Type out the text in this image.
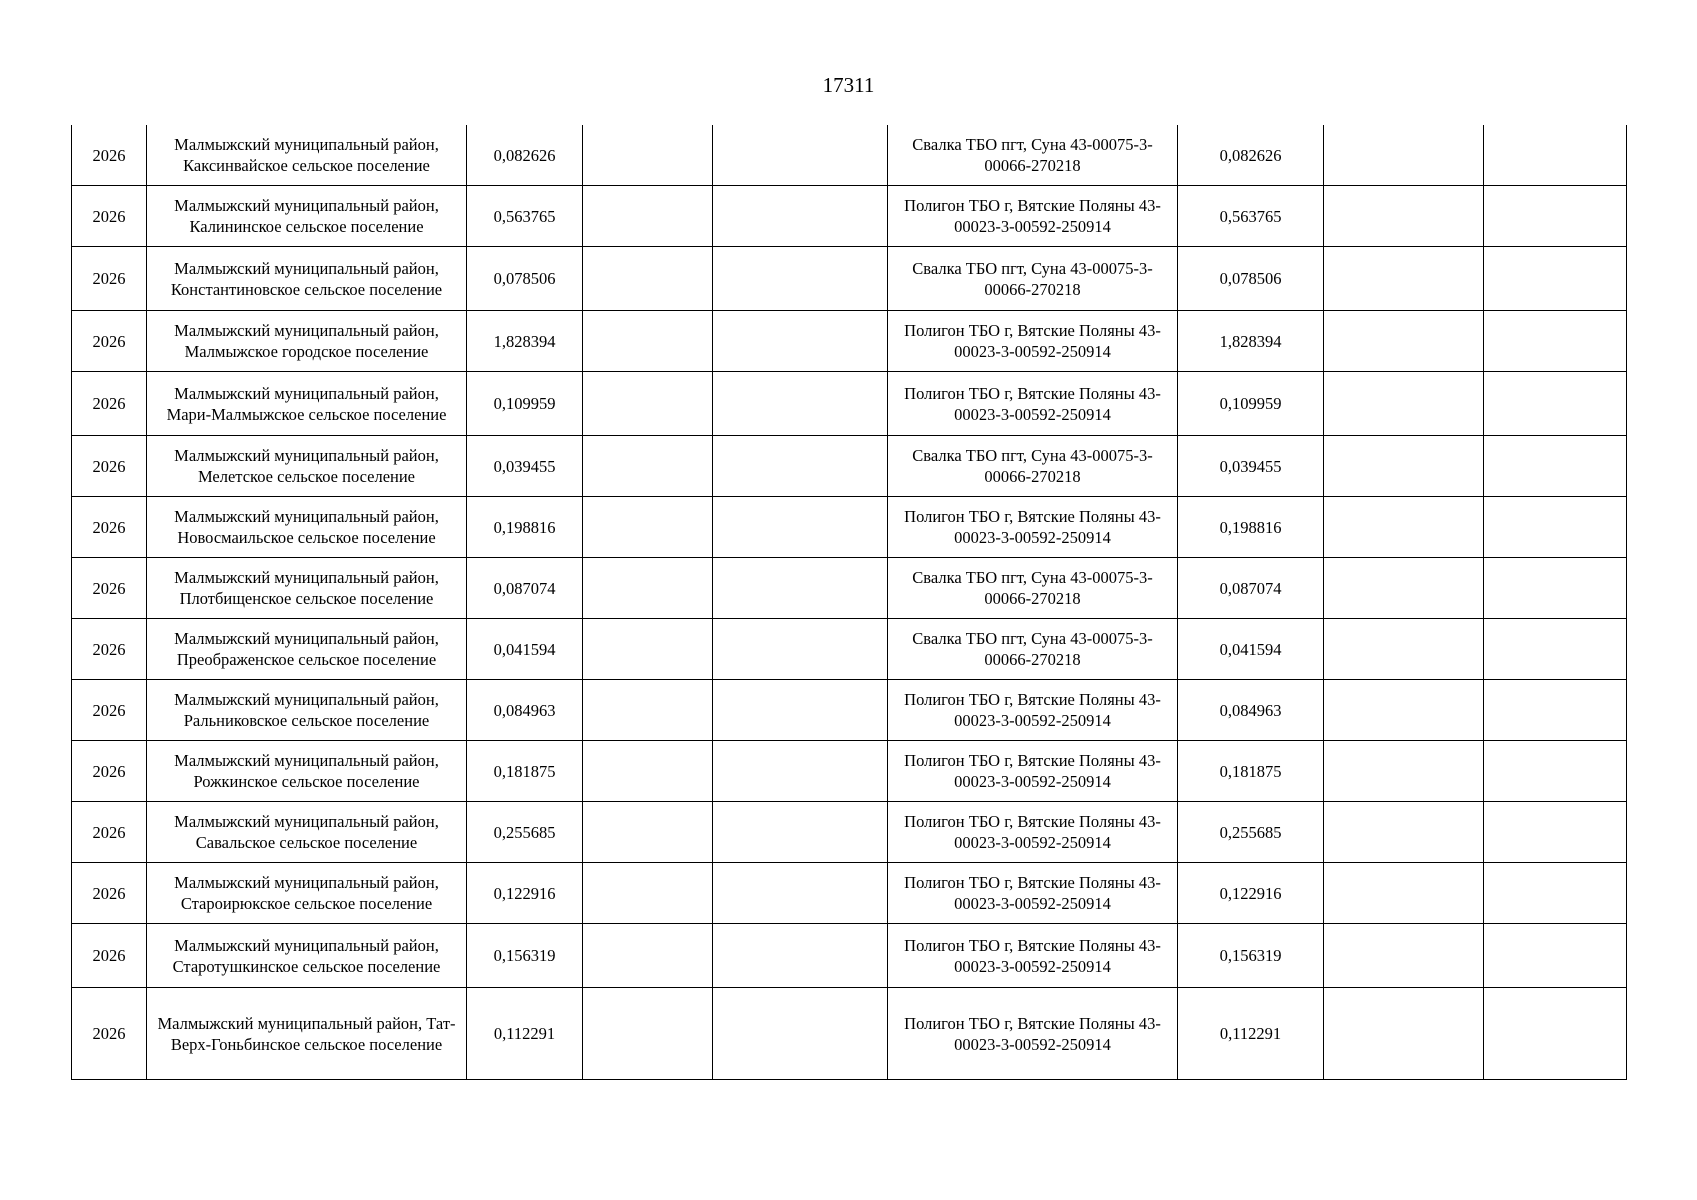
17311
2026	Малмыжский муниципальный район, Каксинвайское сельское поселение	0,082626			Свалка ТБО пгт, Суна 43-00075-3-00066-270218	0,082626		
2026	Малмыжский муниципальный район, Калининское сельское поселение	0,563765			Полигон ТБО г, Вятские Поляны 43-00023-3-00592-250914	0,563765		
2026	Малмыжский муниципальный район, Константиновское сельское поселение	0,078506			Свалка ТБО пгт, Суна 43-00075-3-00066-270218	0,078506		
2026	Малмыжский муниципальный район, Малмыжское городское поселение	1,828394			Полигон ТБО г, Вятские Поляны 43-00023-3-00592-250914	1,828394		
2026	Малмыжский муниципальный район, Мари-Малмыжское сельское поселение	0,109959			Полигон ТБО г, Вятские Поляны 43-00023-3-00592-250914	0,109959		
2026	Малмыжский муниципальный район, Мелетское сельское поселение	0,039455			Свалка ТБО пгт, Суна 43-00075-3-00066-270218	0,039455		
2026	Малмыжский муниципальный район, Новосмаильское сельское поселение	0,198816			Полигон ТБО г, Вятские Поляны 43-00023-3-00592-250914	0,198816		
2026	Малмыжский муниципальный район, Плотбищенское сельское поселение	0,087074			Свалка ТБО пгт, Суна 43-00075-3-00066-270218	0,087074		
2026	Малмыжский муниципальный район, Преображенское сельское поселение	0,041594			Свалка ТБО пгт, Суна 43-00075-3-00066-270218	0,041594		
2026	Малмыжский муниципальный район, Ральниковское сельское поселение	0,084963			Полигон ТБО г, Вятские Поляны 43-00023-3-00592-250914	0,084963		
2026	Малмыжский муниципальный район, Рожкинское сельское поселение	0,181875			Полигон ТБО г, Вятские Поляны 43-00023-3-00592-250914	0,181875		
2026	Малмыжский муниципальный район, Савальское сельское поселение	0,255685			Полигон ТБО г, Вятские Поляны 43-00023-3-00592-250914	0,255685		
2026	Малмыжский муниципальный район, Староирюкское сельское поселение	0,122916			Полигон ТБО г, Вятские Поляны 43-00023-3-00592-250914	0,122916		
2026	Малмыжский муниципальный район, Старотушкинское сельское поселение	0,156319			Полигон ТБО г, Вятские Поляны 43-00023-3-00592-250914	0,156319		
2026	Малмыжский муниципальный район, Тат-Верх-Гоньбинское сельское поселение	0,112291			Полигон ТБО г, Вятские Поляны 43-00023-3-00592-250914	0,112291		
